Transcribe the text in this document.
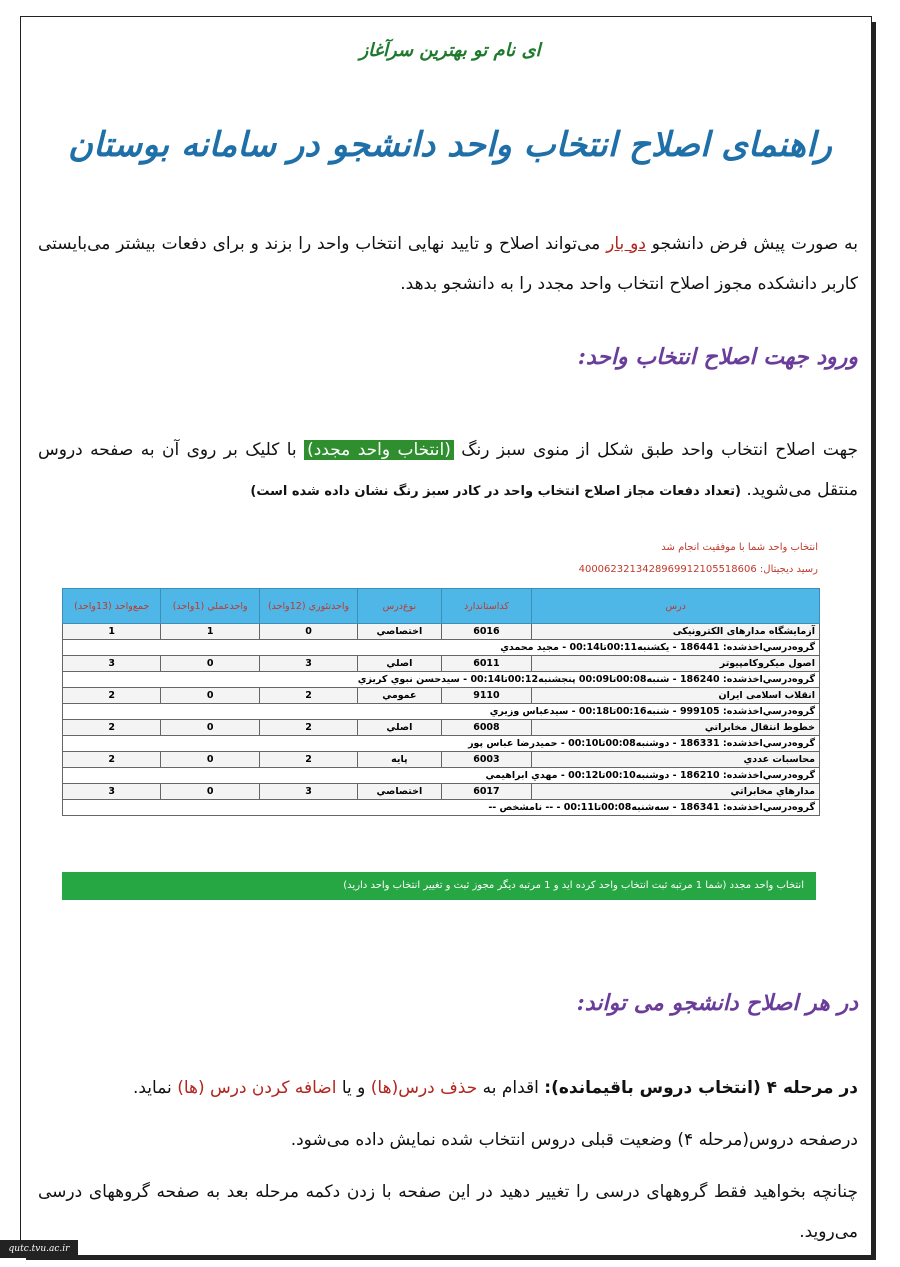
ای نام تو بهترین سرآغاز
راهنمای اصلاح انتخاب واحد دانشجو در سامانه بوستان
به صورت پیش فرض دانشجو دو بار می‌تواند اصلاح و تایید نهایی انتخاب واحد را بزند و برای دفعات بیشتر می‌بایستی کاربر دانشکده مجوز اصلاح انتخاب واحد مجدد را به دانشجو بدهد.
ورود جهت اصلاح انتخاب واحد:
جهت اصلاح انتخاب واحد طبق شکل از منوی سبز رنگ (انتخاب واحد مجدد) با کلیک بر روی آن به صفحه دروس منتقل می‌شوید. (تعداد دفعات مجاز اصلاح انتخاب واحد در کادر سبز رنگ نشان داده شده است)
انتخاب واحد شما با موفقیت انجام شد
رسید دیجیتال: 4000623213428969912105518606
درس	کداستاندارد	نوع‌درس	واحدتئوري (12واحد)	واحدعملي (1واحد)	جمع‌واحد (13واحد)
آزمایشگاه مدارهای الکترونیکی	6016	اختصاصي	0	1	1
گروه‌درسي‌اخذشده: 186441 - يكشنبه00:11تا00:14 - مجيد محمدي					
اصول ميكروكامپيوتر	6011	اصلي	3	0	3
گروه‌درسي‌اخذشده: 186240 - شنبه00:08تا00:09 پنجشنبه00:12تا00:14 - سيدحسن نبوي كريزي					
انقلاب اسلامی ایران	9110	عمومي	2	0	2
گروه‌درسي‌اخذشده: 999105 - شنبه00:16تا00:18 - سيدعباس وزيري					
خطوط انتقال مخابراتي	6008	اصلي	2	0	2
گروه‌درسي‌اخذشده: 186331 - دوشنبه00:08تا00:10 - حميدرضا عباس پور					
محاسبات عددي	6003	پايه	2	0	2
گروه‌درسي‌اخذشده: 186210 - دوشنبه00:10تا00:12 - مهدي ابراهيمي					
مدارهاي مخابراتي	6017	اختصاصي	3	0	3
گروه‌درسي‌اخذشده: 186341 - سه‌شنبه00:08تا00:11 - -- نامشخص --					
انتخاب واحد مجدد (شما 1 مرتبه ثبت انتخاب واحد کرده اید و 1 مرتبه دیگر مجوز ثبت و تغییر انتخاب واحد دارید)
در هر اصلاح دانشجو می تواند:
در مرحله ۴ (انتخاب دروس باقیمانده): اقدام به حذف درس(ها) و یا اضافه کردن درس (ها) نماید.
درصفحه دروس(مرحله ۴) وضعیت قبلی دروس انتخاب شده نمایش داده می‌شود.
چنانچه بخواهید فقط گروههای درسی را تغییر دهید در این صفحه با زدن دکمه مرحله بعد به صفحه گروههای درسی می‌روید.
qutc.tvu.ac.ir
